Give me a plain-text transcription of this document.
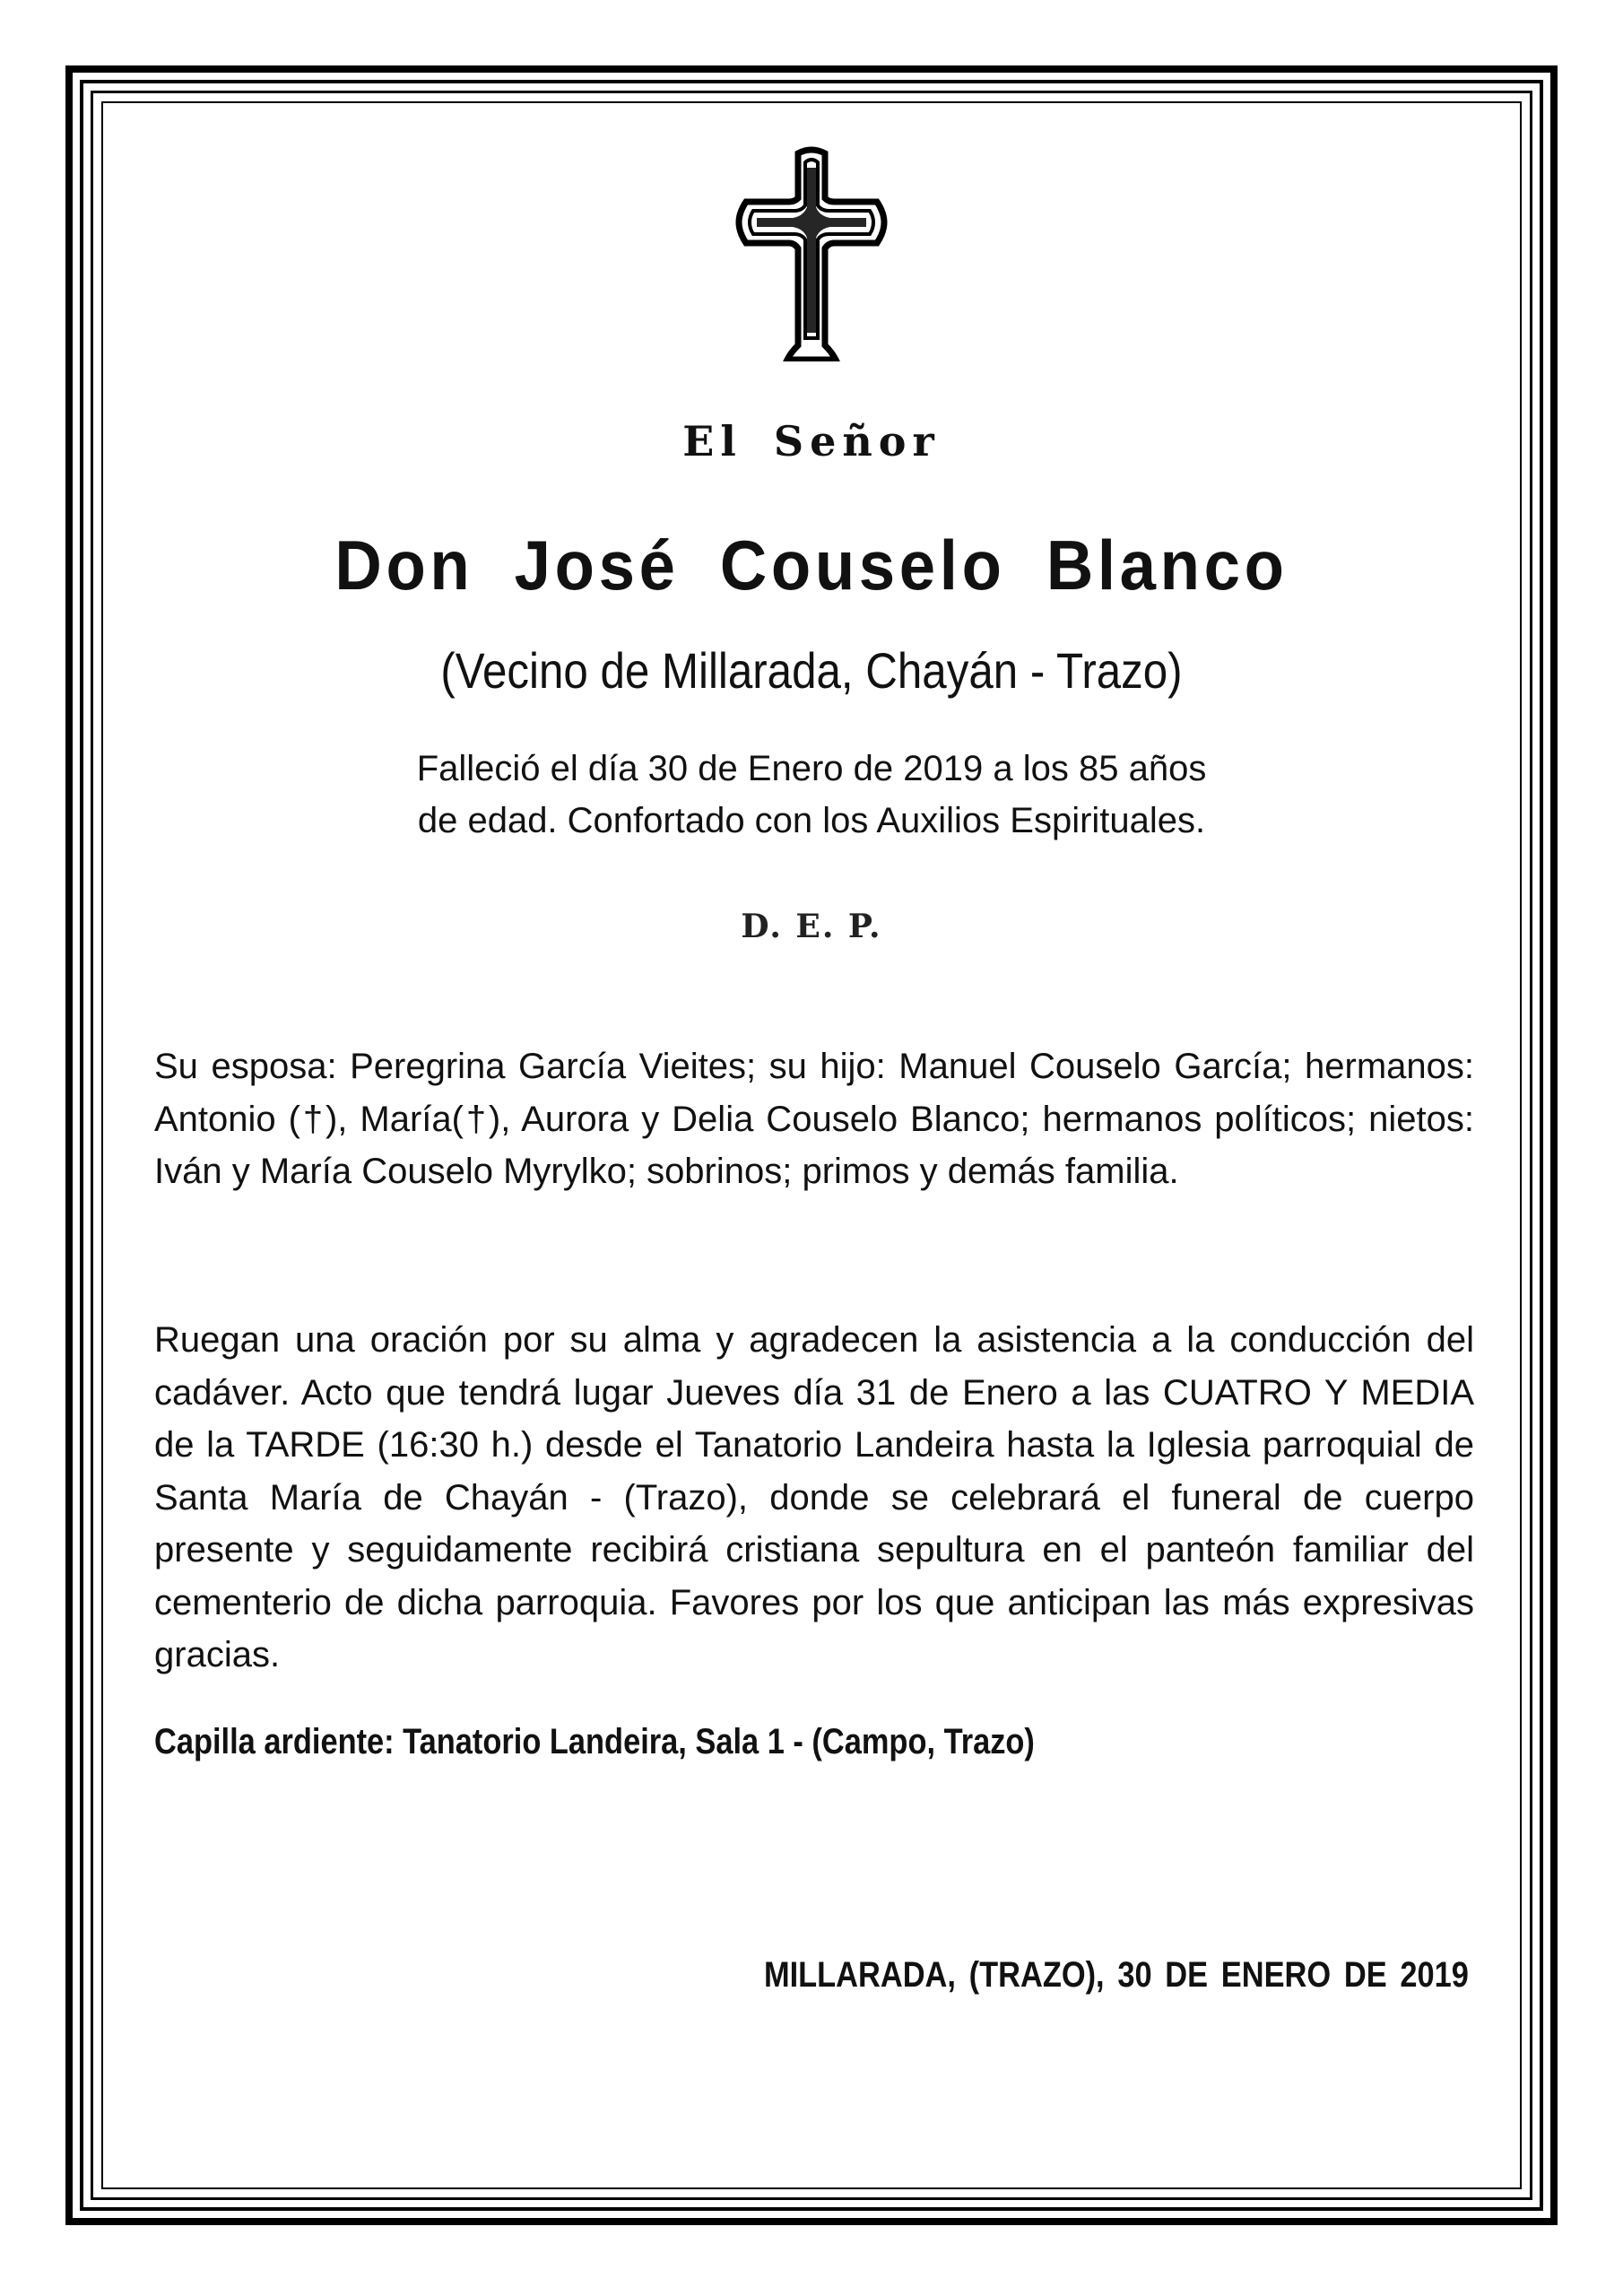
El Señor
Don José Couselo Blanco
(Vecino de Millarada, Chayán - Trazo)
Falleció el día 30 de Enero de 2019 a los 85 años
de edad. Confortado con los Auxilios Espirituales.
D. E. P.
Su esposa: Peregrina García Vieites; su hijo: Manuel Couselo García; hermanos: Antonio (†), María(†), Aurora y Delia Couselo Blanco; hermanos políticos; nietos: Iván y María Couselo Myrylko; sobrinos; primos y demás familia.
Ruegan una oración por su alma y agradecen la asistencia a la conducción del cadáver. Acto que tendrá lugar Jueves día 31 de Enero a las CUATRO Y MEDIA de la TARDE (16:30 h.) desde el Tanatorio Landeira hasta la Iglesia parroquial de Santa María de Chayán - (Trazo), donde se celebrará el funeral de cuerpo presente y seguidamente recibirá cristiana sepultura en el panteón familiar del cementerio de dicha parroquia. Favores por los que anticipan las más expresivas gracias.
Capilla ardiente: Tanatorio Landeira, Sala 1 - (Campo, Trazo)
MILLARADA, (TRAZO), 30 DE ENERO DE 2019
